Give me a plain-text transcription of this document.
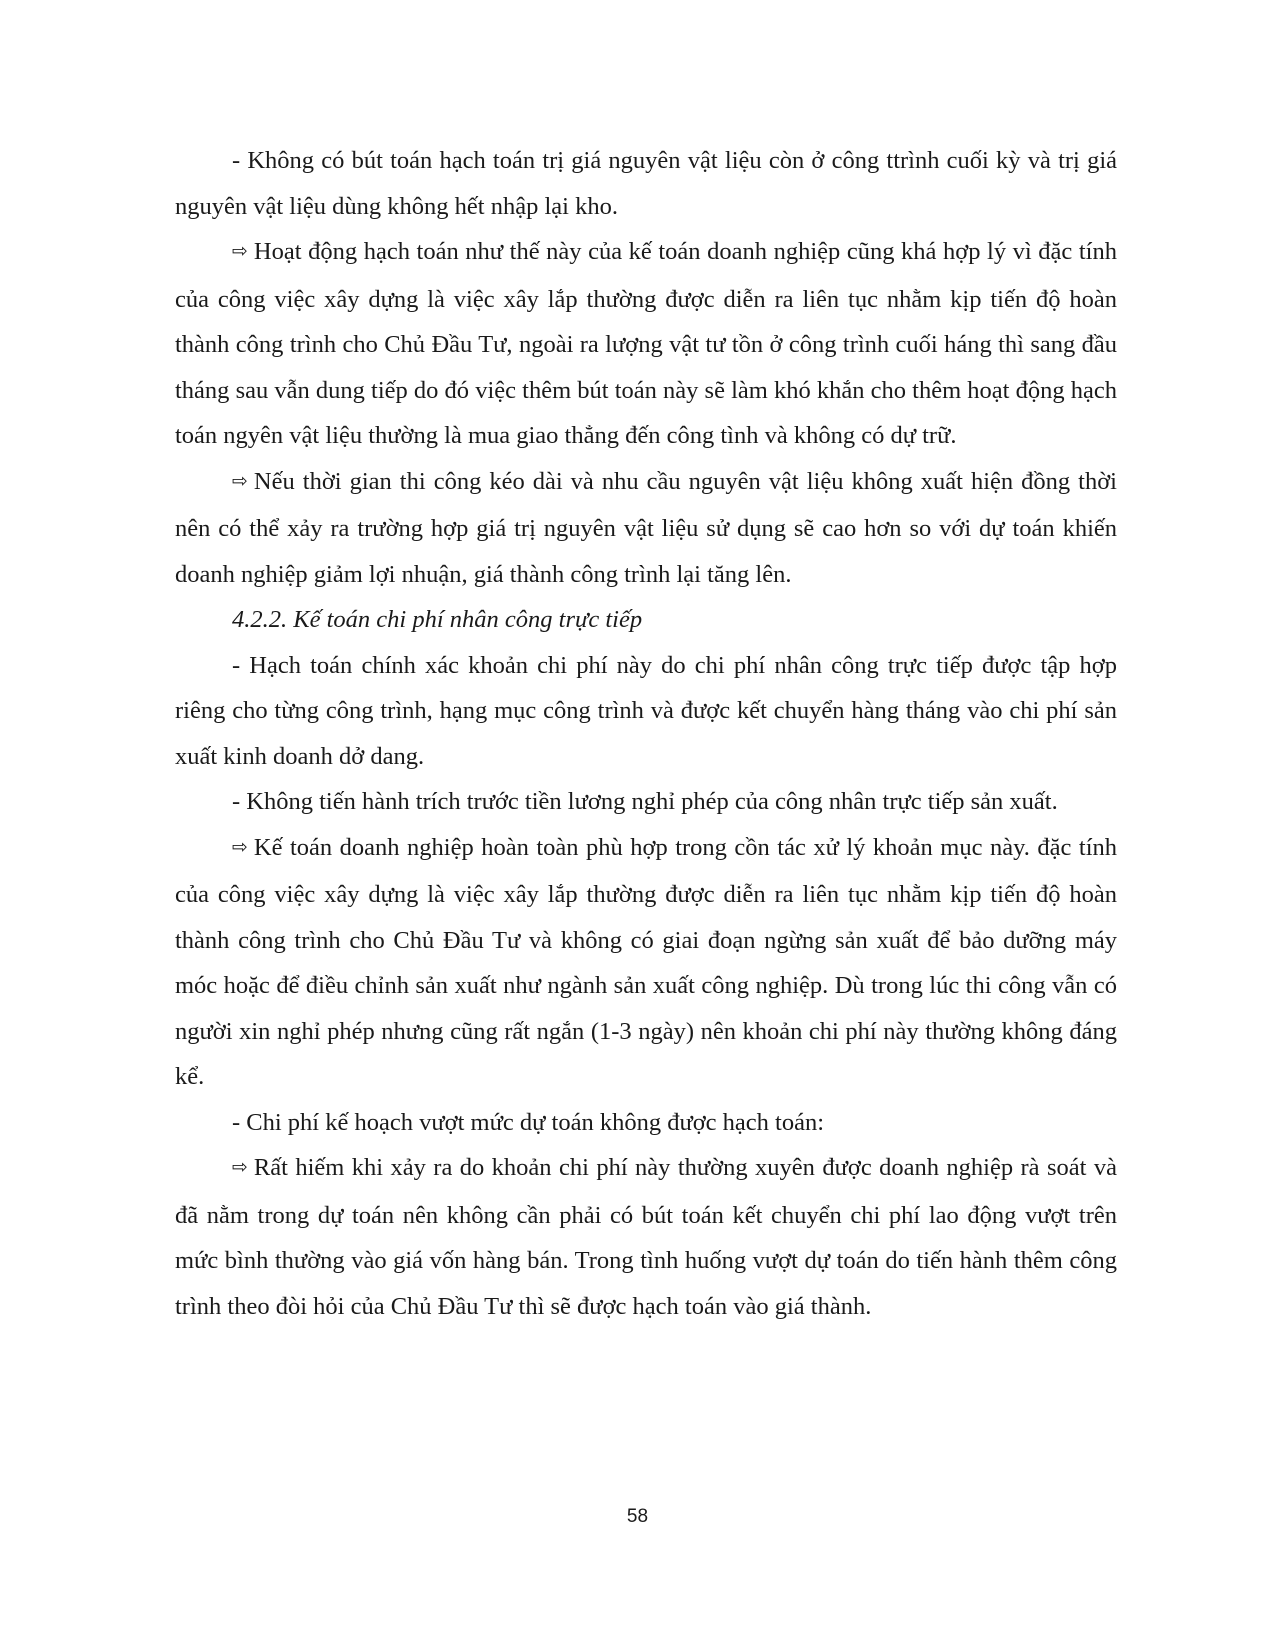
- Không có bút toán hạch toán trị giá nguyên vật liệu còn ở công ttrình cuối kỳ và trị giá nguyên vật liệu dùng không hết nhập lại kho.

⇨ Hoạt động hạch toán như thế này của kế toán doanh nghiệp cũng khá hợp lý vì đặc tính của công việc xây dựng là việc xây lắp thường được diễn ra liên tục nhằm kịp tiến độ hoàn thành công trình cho Chủ Đầu Tư, ngoài ra lượng vật tư tồn ở công trình cuối háng thì sang đầu tháng sau vẫn dung tiếp do đó việc thêm bút toán này sẽ làm khó khắn cho thêm hoạt động hạch toán ngyên vật liệu thường là mua giao thẳng đến công tình và không có dự trữ.

⇨ Nếu thời gian thi công kéo dài và nhu cầu nguyên vật liệu không xuất hiện đồng thời nên có thể xảy ra trường hợp giá trị nguyên vật liệu sử dụng sẽ cao hơn so với dự toán khiến doanh nghiệp giảm lợi nhuận, giá thành công trình lại tăng lên.

4.2.2. Kế toán chi phí nhân công trực tiếp

- Hạch toán chính xác khoản chi phí này do chi phí nhân công trực tiếp được tập hợp riêng cho từng công trình, hạng mục công trình và được kết chuyển hàng tháng vào chi phí sản xuất kinh doanh dở dang.

- Không tiến hành trích trước tiền lương nghỉ phép của công nhân trực tiếp sản xuất.

⇨ Kế toán doanh nghiệp hoàn toàn phù hợp trong cồn tác xử lý khoản mục này. đặc tính của công việc xây dựng là việc xây lắp thường được diễn ra liên tục nhằm kịp tiến độ hoàn thành công trình cho Chủ Đầu Tư và không có giai đoạn ngừng sản xuất để bảo dưỡng máy móc hoặc để điều chỉnh sản xuất như ngành sản xuất công nghiệp. Dù trong lúc thi công vẫn có người xin nghỉ phép nhưng cũng rất ngắn (1-3 ngày) nên khoản chi phí này thường không đáng kể.

- Chi phí kế hoạch vượt mức dự toán không được hạch toán:

⇨ Rất hiếm khi xảy ra do khoản chi phí này thường xuyên được doanh nghiệp rà soát và đã nằm trong dự toán nên không cần phải có bút toán kết chuyển chi phí lao động vượt trên mức bình thường vào giá vốn hàng bán. Trong tình huống vượt dự toán do tiến hành thêm công trình theo đòi hỏi của Chủ Đầu Tư thì sẽ được hạch toán vào giá thành.

58
